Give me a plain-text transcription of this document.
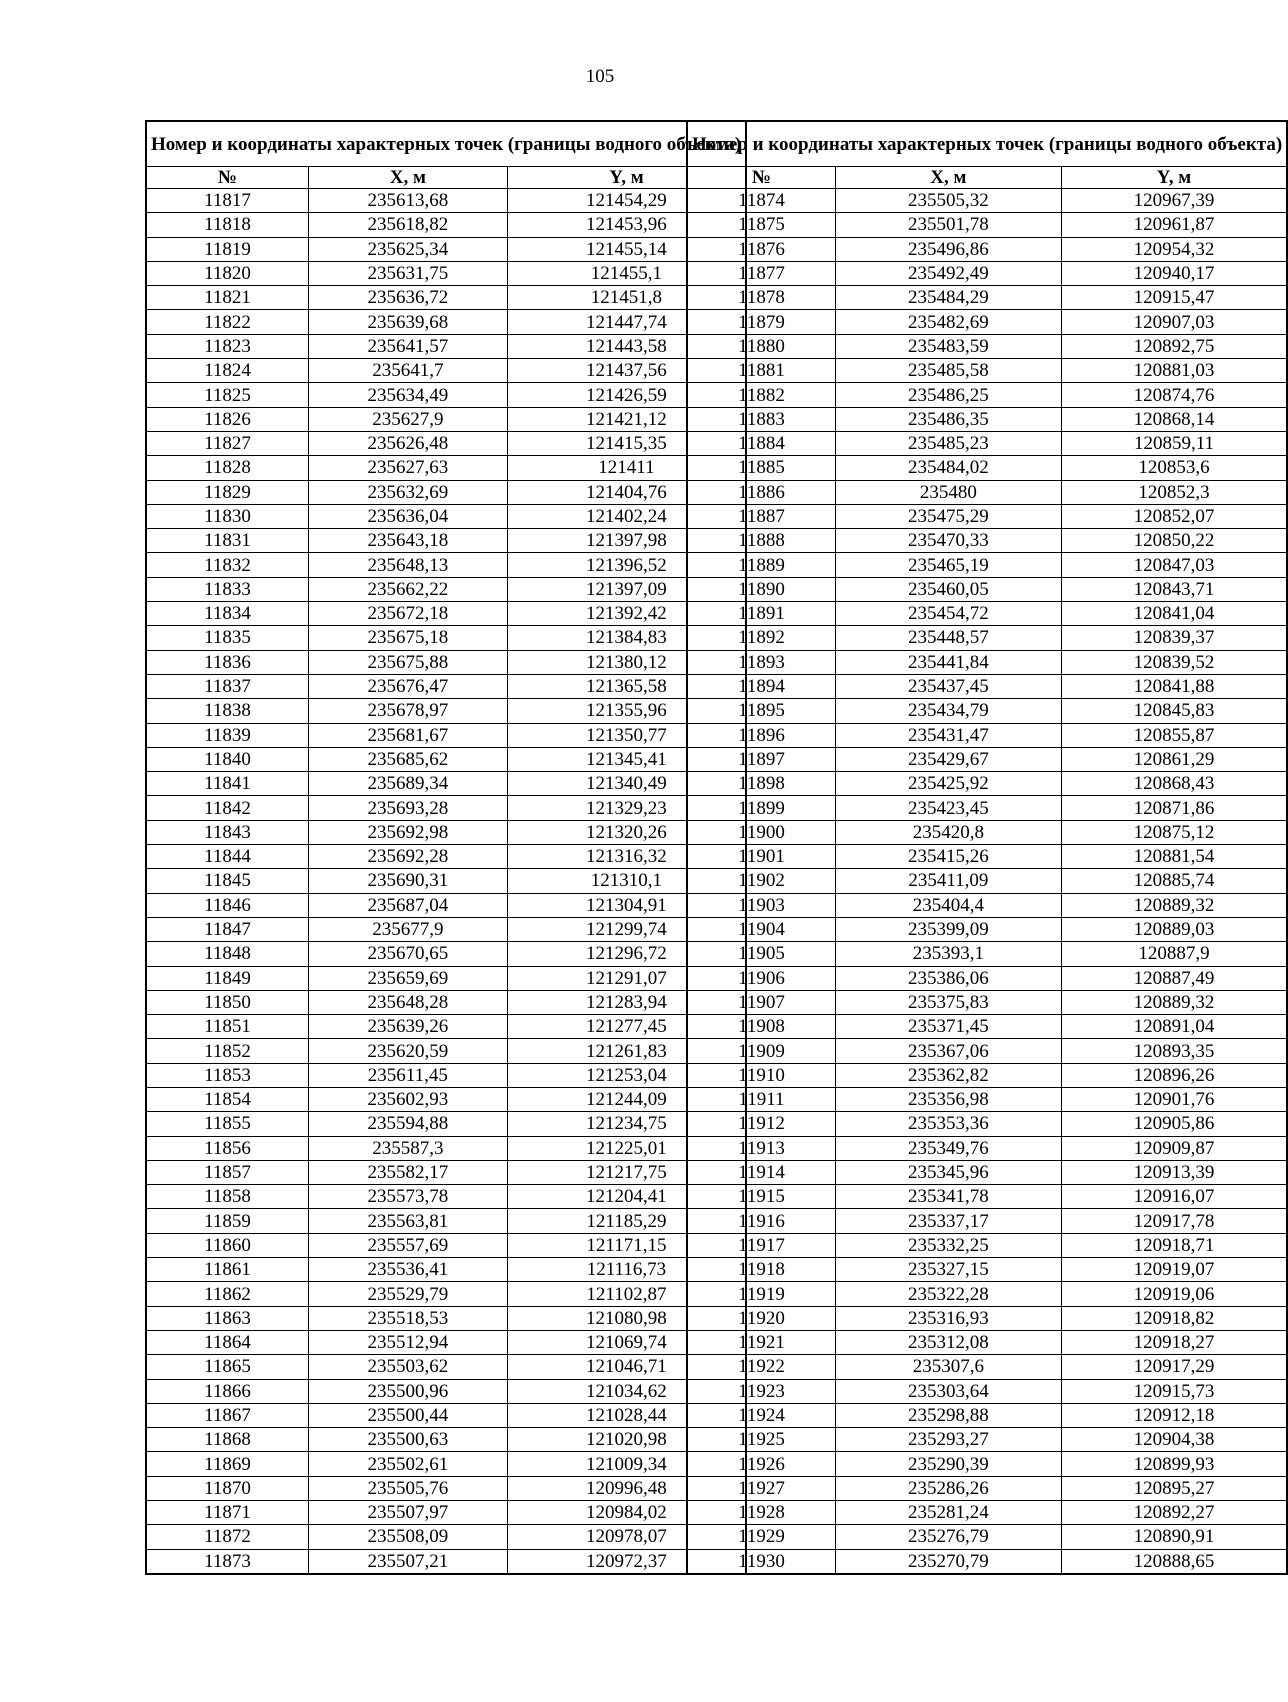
105
Номер и координаты характерных точек (границы водного объекта)		
№	X, м	Y, м
11817	235613,68	121454,29
11818	235618,82	121453,96
11819	235625,34	121455,14
11820	235631,75	121455,1
11821	235636,72	121451,8
11822	235639,68	121447,74
11823	235641,57	121443,58
11824	235641,7	121437,56
11825	235634,49	121426,59
11826	235627,9	121421,12
11827	235626,48	121415,35
11828	235627,63	121411
11829	235632,69	121404,76
11830	235636,04	121402,24
11831	235643,18	121397,98
11832	235648,13	121396,52
11833	235662,22	121397,09
11834	235672,18	121392,42
11835	235675,18	121384,83
11836	235675,88	121380,12
11837	235676,47	121365,58
11838	235678,97	121355,96
11839	235681,67	121350,77
11840	235685,62	121345,41
11841	235689,34	121340,49
11842	235693,28	121329,23
11843	235692,98	121320,26
11844	235692,28	121316,32
11845	235690,31	121310,1
11846	235687,04	121304,91
11847	235677,9	121299,74
11848	235670,65	121296,72
11849	235659,69	121291,07
11850	235648,28	121283,94
11851	235639,26	121277,45
11852	235620,59	121261,83
11853	235611,45	121253,04
11854	235602,93	121244,09
11855	235594,88	121234,75
11856	235587,3	121225,01
11857	235582,17	121217,75
11858	235573,78	121204,41
11859	235563,81	121185,29
11860	235557,69	121171,15
11861	235536,41	121116,73
11862	235529,79	121102,87
11863	235518,53	121080,98
11864	235512,94	121069,74
11865	235503,62	121046,71
11866	235500,96	121034,62
11867	235500,44	121028,44
11868	235500,63	121020,98
11869	235502,61	121009,34
11870	235505,76	120996,48
11871	235507,97	120984,02
11872	235508,09	120978,07
11873	235507,21	120972,37
Номер и координаты характерных точек (границы водного объекта)		
№	X, м	Y, м
11874	235505,32	120967,39
11875	235501,78	120961,87
11876	235496,86	120954,32
11877	235492,49	120940,17
11878	235484,29	120915,47
11879	235482,69	120907,03
11880	235483,59	120892,75
11881	235485,58	120881,03
11882	235486,25	120874,76
11883	235486,35	120868,14
11884	235485,23	120859,11
11885	235484,02	120853,6
11886	235480	120852,3
11887	235475,29	120852,07
11888	235470,33	120850,22
11889	235465,19	120847,03
11890	235460,05	120843,71
11891	235454,72	120841,04
11892	235448,57	120839,37
11893	235441,84	120839,52
11894	235437,45	120841,88
11895	235434,79	120845,83
11896	235431,47	120855,87
11897	235429,67	120861,29
11898	235425,92	120868,43
11899	235423,45	120871,86
11900	235420,8	120875,12
11901	235415,26	120881,54
11902	235411,09	120885,74
11903	235404,4	120889,32
11904	235399,09	120889,03
11905	235393,1	120887,9
11906	235386,06	120887,49
11907	235375,83	120889,32
11908	235371,45	120891,04
11909	235367,06	120893,35
11910	235362,82	120896,26
11911	235356,98	120901,76
11912	235353,36	120905,86
11913	235349,76	120909,87
11914	235345,96	120913,39
11915	235341,78	120916,07
11916	235337,17	120917,78
11917	235332,25	120918,71
11918	235327,15	120919,07
11919	235322,28	120919,06
11920	235316,93	120918,82
11921	235312,08	120918,27
11922	235307,6	120917,29
11923	235303,64	120915,73
11924	235298,88	120912,18
11925	235293,27	120904,38
11926	235290,39	120899,93
11927	235286,26	120895,27
11928	235281,24	120892,27
11929	235276,79	120890,91
11930	235270,79	120888,65
